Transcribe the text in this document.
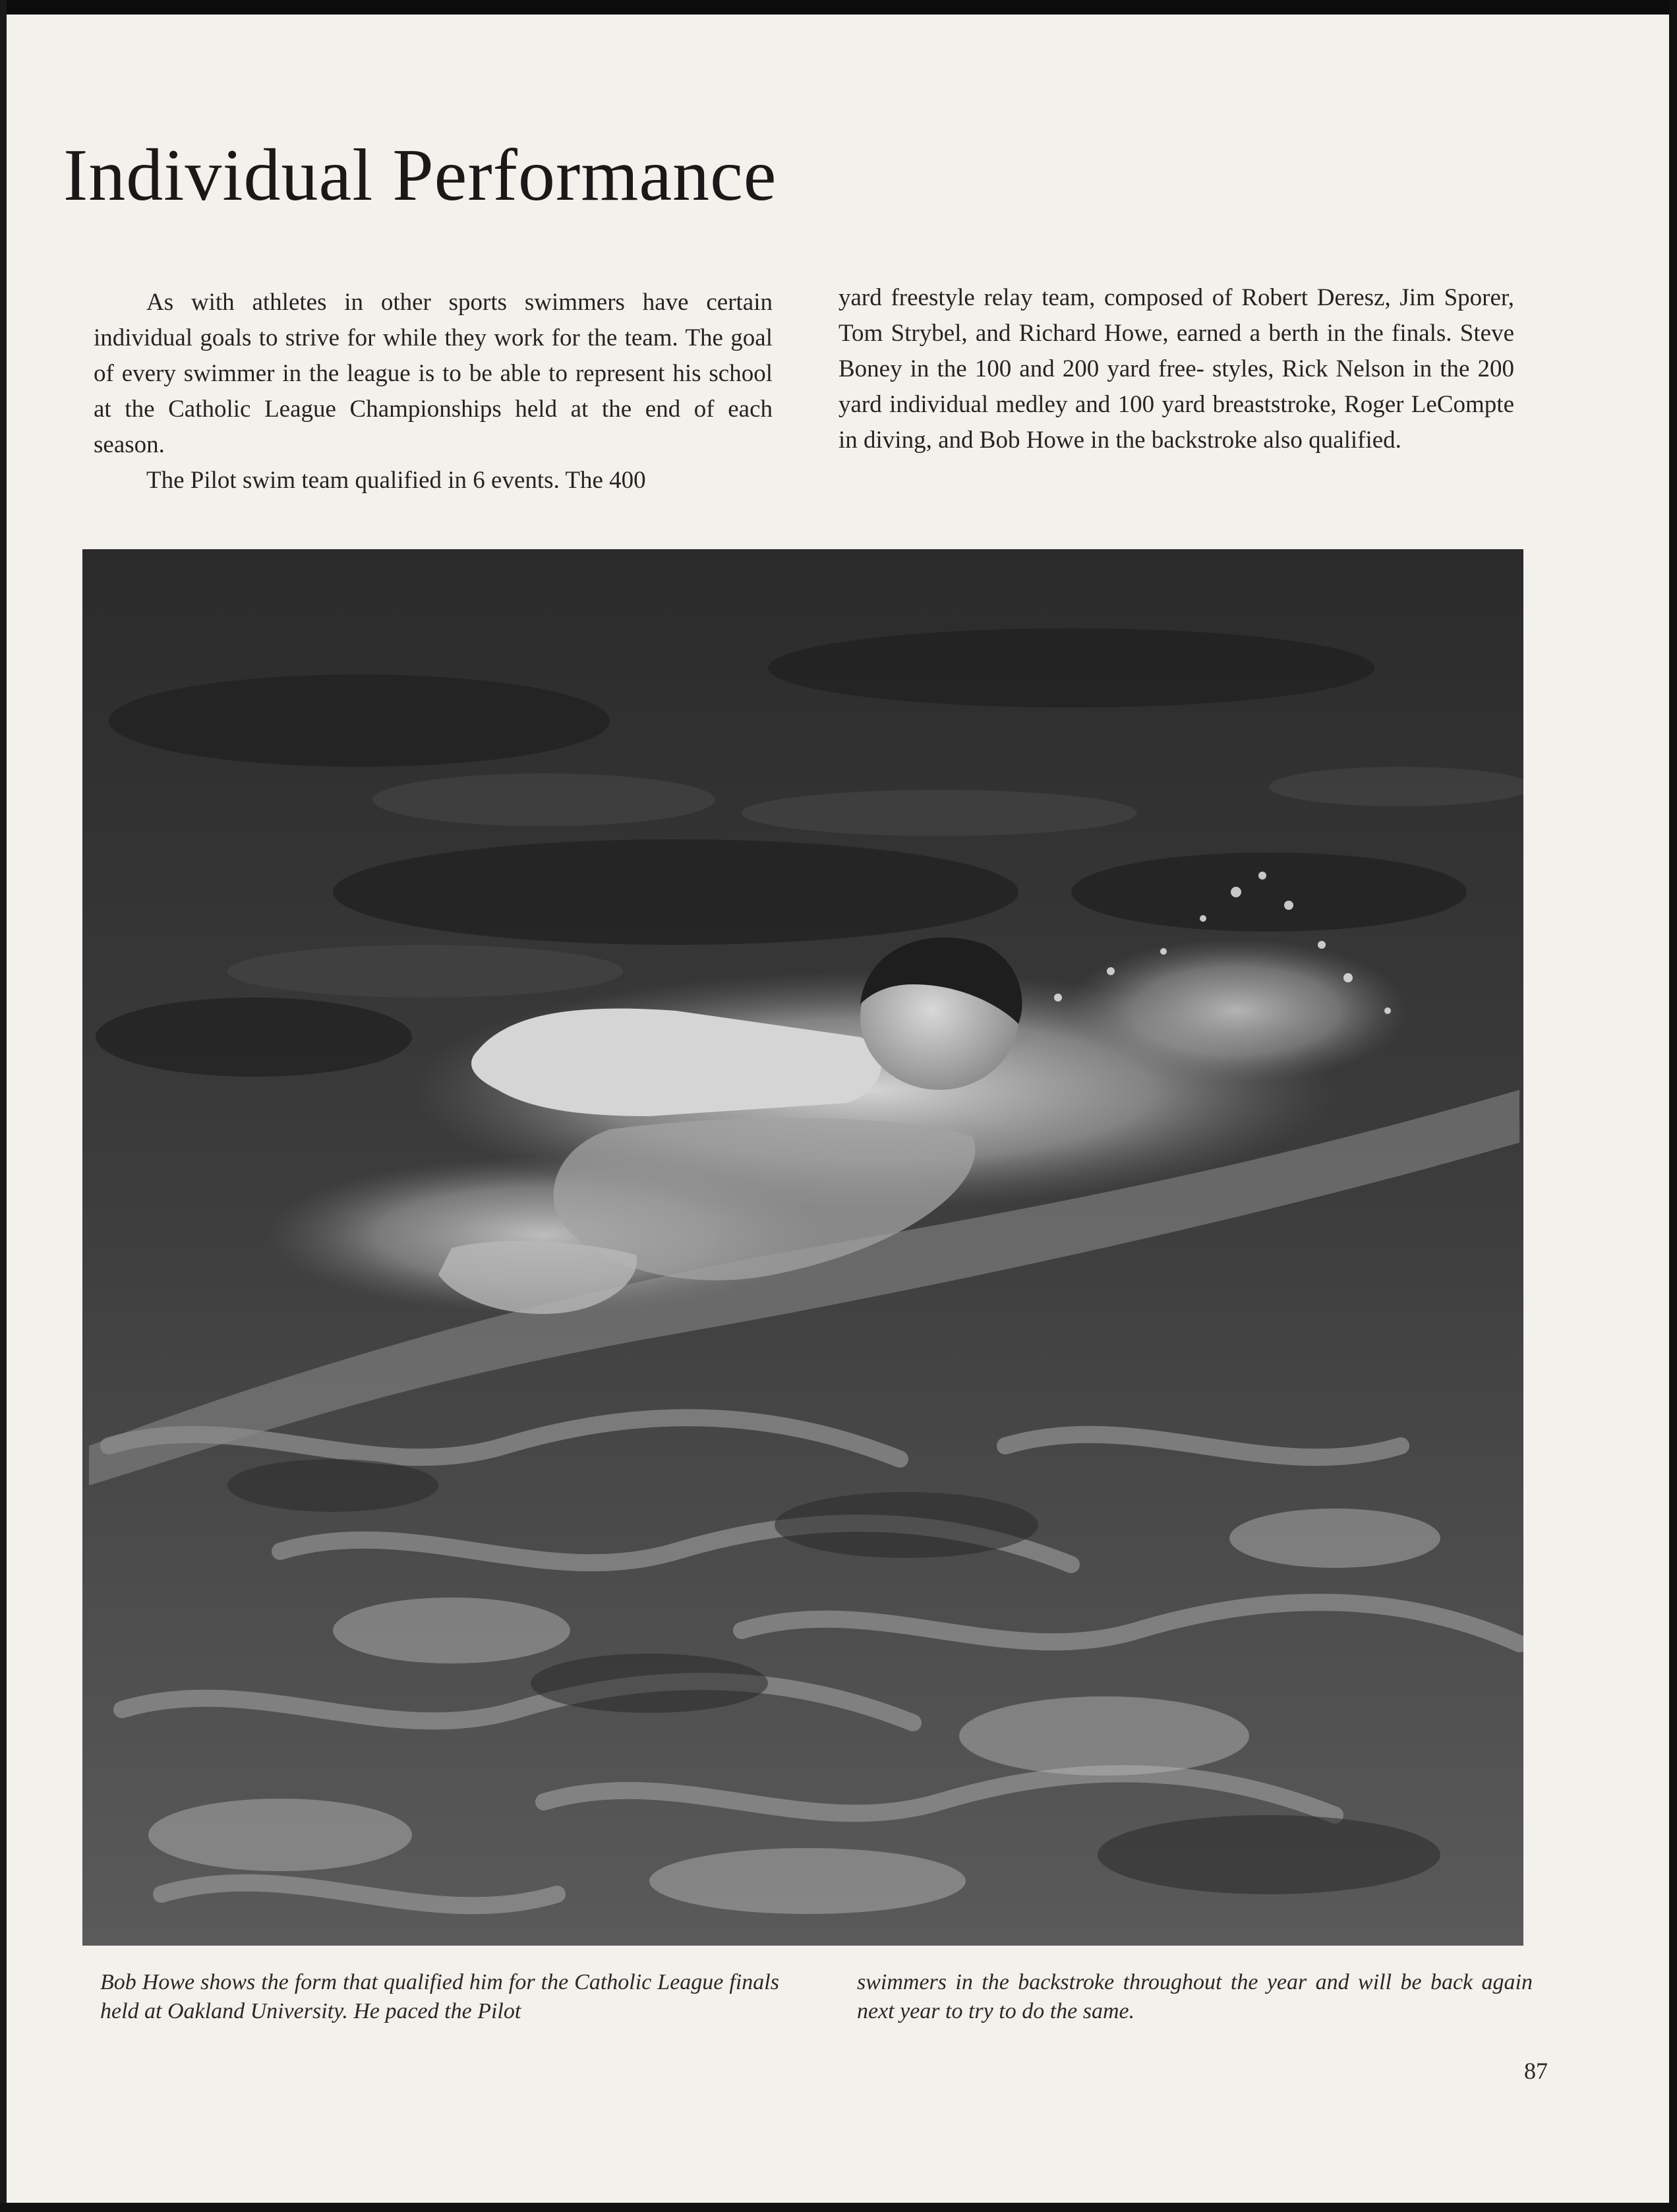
Individual Performance

As with athletes in other sports swimmers have certain individual goals to strive for while they work for the team. The goal of every swimmer in the league is to be able to represent his school at the Catholic League Championships held at the end of each season.

The Pilot swim team qualified in 6 events. The 400

yard freestyle relay team, composed of Robert Deresz, Jim Sporer, Tom Strybel, and Richard Howe, earned a berth in the finals. Steve Boney in the 100 and 200 yard free- styles, Rick Nelson in the 200 yard individual medley and 100 yard breaststroke, Roger LeCompte in diving, and Bob Howe in the backstroke also qualified.

Bob Howe shows the form that qualified him for the Catholic League finals held at Oakland University. He paced the Pilot
swimmers in the backstroke throughout the year and will be back again next year to try to do the same.
87
